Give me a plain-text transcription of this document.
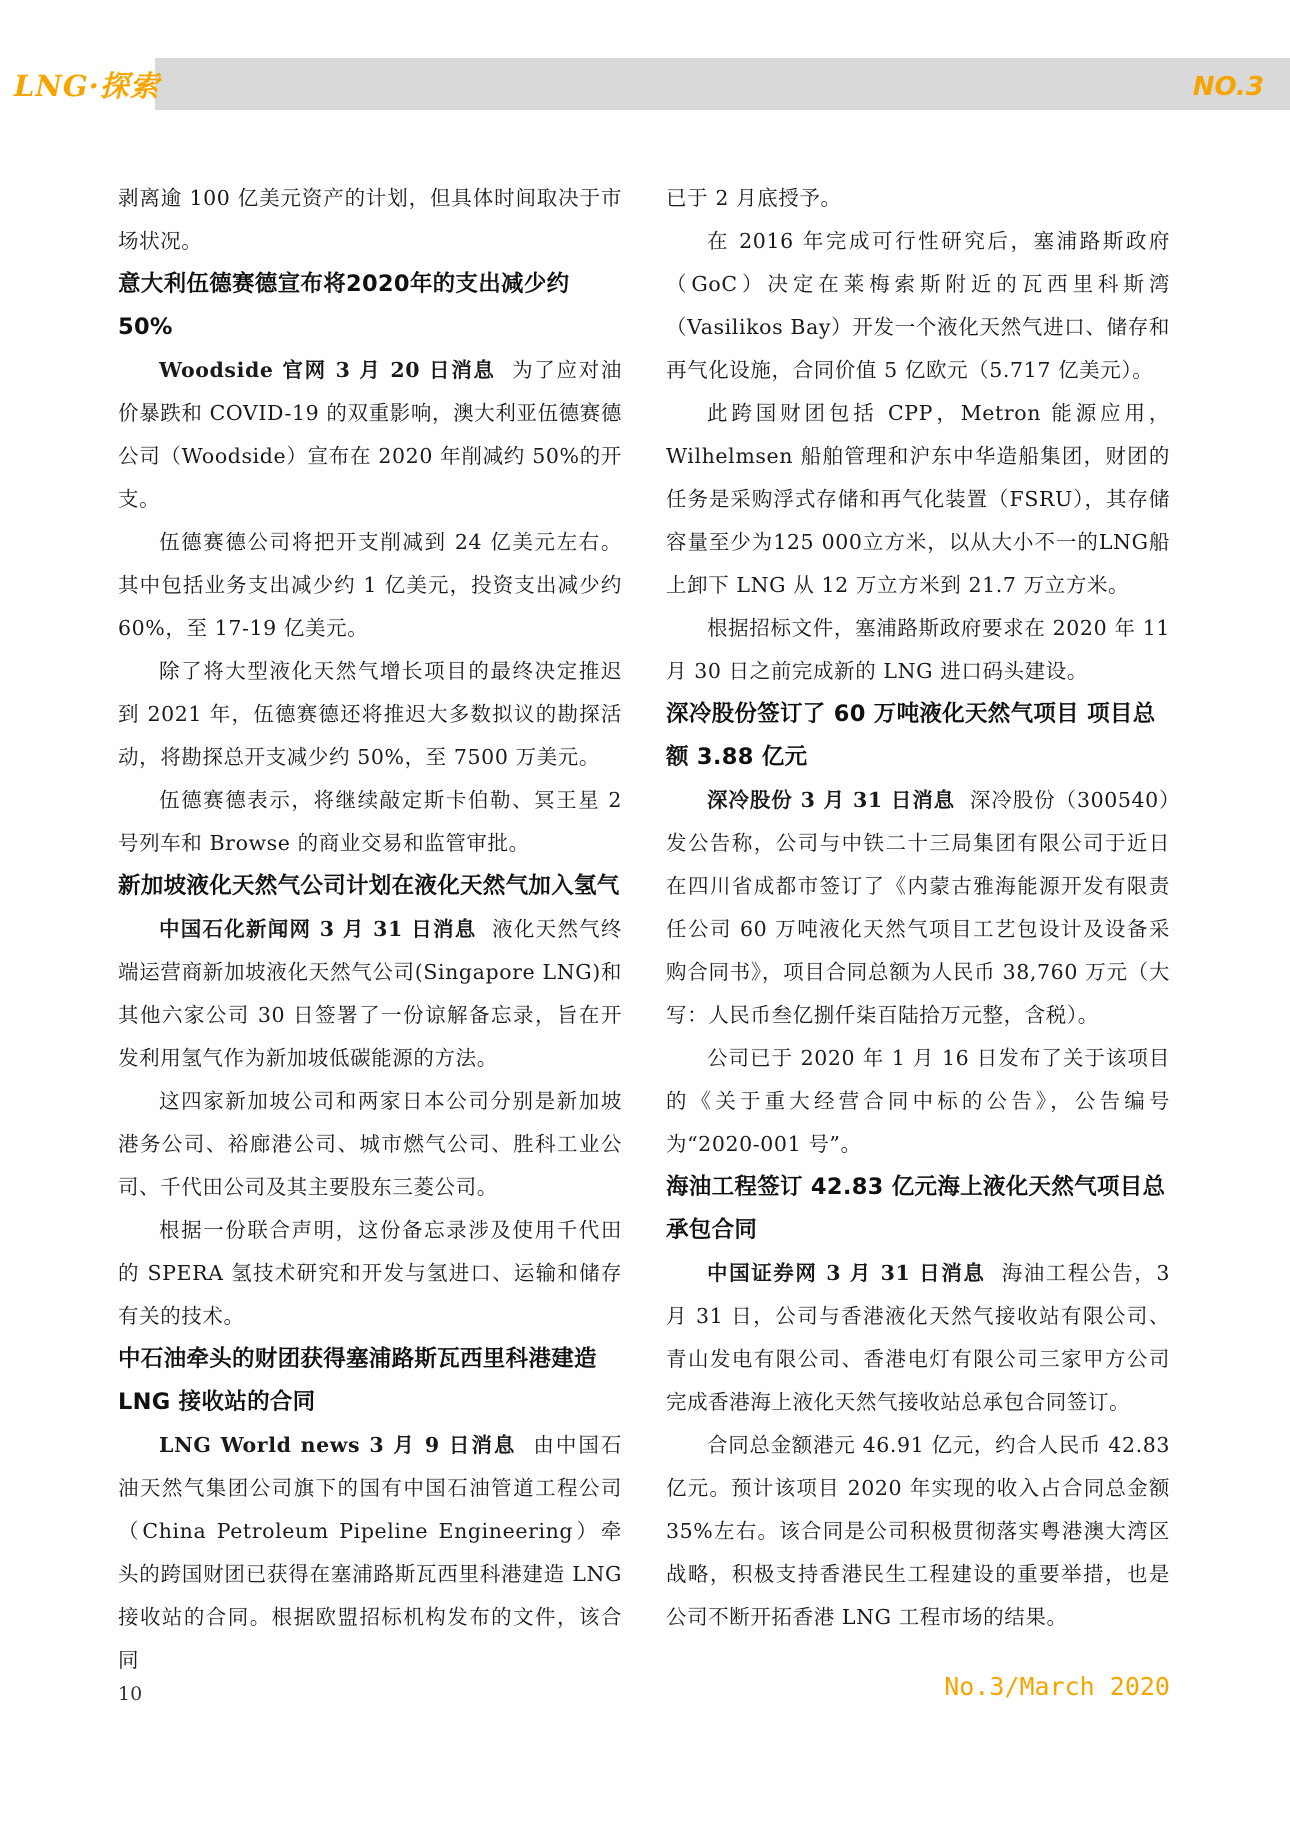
LNG·探索	NO.3

剥离逾 100 亿美元资产的计划，但具体时间取决于市场状况。

意大利伍德赛德宣布将2020年的支出减少约50%

Woodside 官网 3 月 20 日消息 为了应对油价暴跌和 COVID-19 的双重影响，澳大利亚伍德赛德公司（Woodside）宣布在 2020 年削减约 50%的开支。

伍德赛德公司将把开支削减到 24 亿美元左右。其中包括业务支出减少约 1 亿美元，投资支出减少约 60%，至 17-19 亿美元。

除了将大型液化天然气增长项目的最终决定推迟到 2021 年，伍德赛德还将推迟大多数拟议的勘探活动，将勘探总开支减少约 50%，至 7500 万美元。

伍德赛德表示，将继续敲定斯卡伯勒、冥王星 2 号列车和 Browse 的商业交易和监管审批。

新加坡液化天然气公司计划在液化天然气加入氢气

中国石化新闻网 3 月 31 日消息 液化天然气终端运营商新加坡液化天然气公司(Singapore LNG)和其他六家公司 30 日签署了一份谅解备忘录，旨在开发利用氢气作为新加坡低碳能源的方法。

这四家新加坡公司和两家日本公司分别是新加坡港务公司、裕廊港公司、城市燃气公司、胜科工业公司、千代田公司及其主要股东三菱公司。

根据一份联合声明，这份备忘录涉及使用千代田的 SPERA 氢技术研究和开发与氢进口、运输和储存有关的技术。

中石油牵头的财团获得塞浦路斯瓦西里科港建造 LNG 接收站的合同

LNG World news 3 月 9 日消息 由中国石油天然气集团公司旗下的国有中国石油管道工程公司（China Petroleum Pipeline Engineering）牵头的跨国财团已获得在塞浦路斯瓦西里科港建造 LNG 接收站的合同。根据欧盟招标机构发布的文件，该合同

已于 2 月底授予。

在 2016 年完成可行性研究后，塞浦路斯政府（GoC）决定在莱梅索斯附近的瓦西里科斯湾（Vasilikos Bay）开发一个液化天然气进口、储存和再气化设施，合同价值 5 亿欧元（5.717 亿美元）。

此跨国财团包括 CPP，Metron 能源应用，Wilhelmsen 船舶管理和沪东中华造船集团，财团的任务是采购浮式存储和再气化装置（FSRU），其存储容量至少为125 000立方米，以从大小不一的LNG船上卸下 LNG 从 12 万立方米到 21.7 万立方米。

根据招标文件，塞浦路斯政府要求在 2020 年 11 月 30 日之前完成新的 LNG 进口码头建设。

深冷股份签订了 60 万吨液化天然气项目 项目总额 3.88 亿元

深冷股份 3 月 31 日消息 深冷股份（300540）发公告称，公司与中铁二十三局集团有限公司于近日在四川省成都市签订了《内蒙古雅海能源开发有限责任公司 60 万吨液化天然气项目工艺包设计及设备采购合同书》，项目合同总额为人民币 38,760 万元（大写：人民币叁亿捌仟柒百陆拾万元整，含税）。

公司已于 2020 年 1 月 16 日发布了关于该项目的《关于重大经营合同中标的公告》，公告编号为“2020-001 号”。

海油工程签订 42.83 亿元海上液化天然气项目总承包合同

中国证券网 3 月 31 日消息 海油工程公告，3 月 31 日，公司与香港液化天然气接收站有限公司、青山发电有限公司、香港电灯有限公司三家甲方公司完成香港海上液化天然气接收站总承包合同签订。

合同总金额港元 46.91 亿元，约合人民币 42.83 亿元。预计该项目 2020 年实现的收入占合同总金额 35%左右。该合同是公司积极贯彻落实粤港澳大湾区战略，积极支持香港民生工程建设的重要举措，也是公司不断开拓香港 LNG 工程市场的结果。

10	No.3/March 2020
